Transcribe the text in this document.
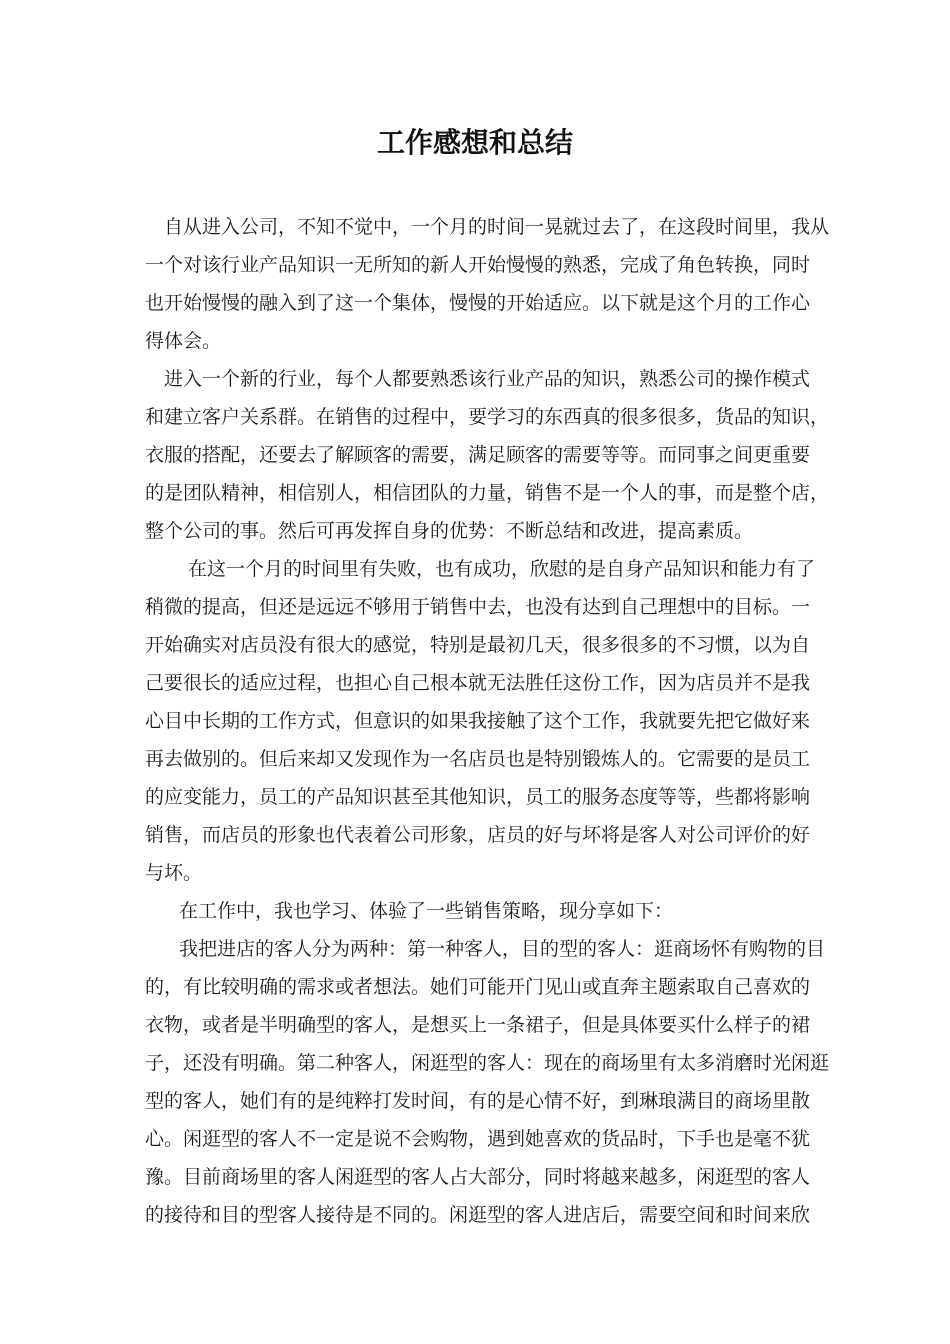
工作感想和总结
自从进入公司，不知不觉中，一个月的时间一晃就过去了，在这段时间里，我从
一个对该行业产品知识一无所知的新人开始慢慢的熟悉，完成了角色转换，同时
也开始慢慢的融入到了这一个集体，慢慢的开始适应。以下就是这个月的工作心
得体会。
进入一个新的行业，每个人都要熟悉该行业产品的知识，熟悉公司的操作模式
和建立客户关系群。在销售的过程中，要学习的东西真的很多很多，货品的知识，
衣服的搭配，还要去了解顾客的需要，满足顾客的需要等等。而同事之间更重要
的是团队精神，相信别人，相信团队的力量，销售不是一个人的事，而是整个店，
整个公司的事。然后可再发挥自身的优势：不断总结和改进，提高素质。
在这一个月的时间里有失败，也有成功，欣慰的是自身产品知识和能力有了
稍微的提高，但还是远远不够用于销售中去，也没有达到自己理想中的目标。一
开始确实对店员没有很大的感觉，特别是最初几天，很多很多的不习惯，以为自
己要很长的适应过程，也担心自己根本就无法胜任这份工作，因为店员并不是我
心目中长期的工作方式，但意识的如果我接触了这个工作，我就要先把它做好来
再去做别的。但后来却又发现作为一名店员也是特别锻炼人的。它需要的是员工
的应变能力，员工的产品知识甚至其他知识，员工的服务态度等等，些都将影响
销售，而店员的形象也代表着公司形象，店员的好与坏将是客人对公司评价的好
与坏。
在工作中，我也学习、体验了一些销售策略，现分享如下：
我把进店的客人分为两种：第一种客人，目的型的客人：逛商场怀有购物的目
的，有比较明确的需求或者想法。她们可能开门见山或直奔主题索取自己喜欢的
衣物，或者是半明确型的客人，是想买上一条裙子，但是具体要买什么样子的裙
子，还没有明确。第二种客人，闲逛型的客人：现在的商场里有太多消磨时光闲逛
型的客人，她们有的是纯粹打发时间，有的是心情不好，到琳琅满目的商场里散
心。闲逛型的客人不一定是说不会购物，遇到她喜欢的货品时，下手也是毫不犹
豫。目前商场里的客人闲逛型的客人占大部分，同时将越来越多，闲逛型的客人
的接待和目的型客人接待是不同的。闲逛型的客人进店后，需要空间和时间来欣
